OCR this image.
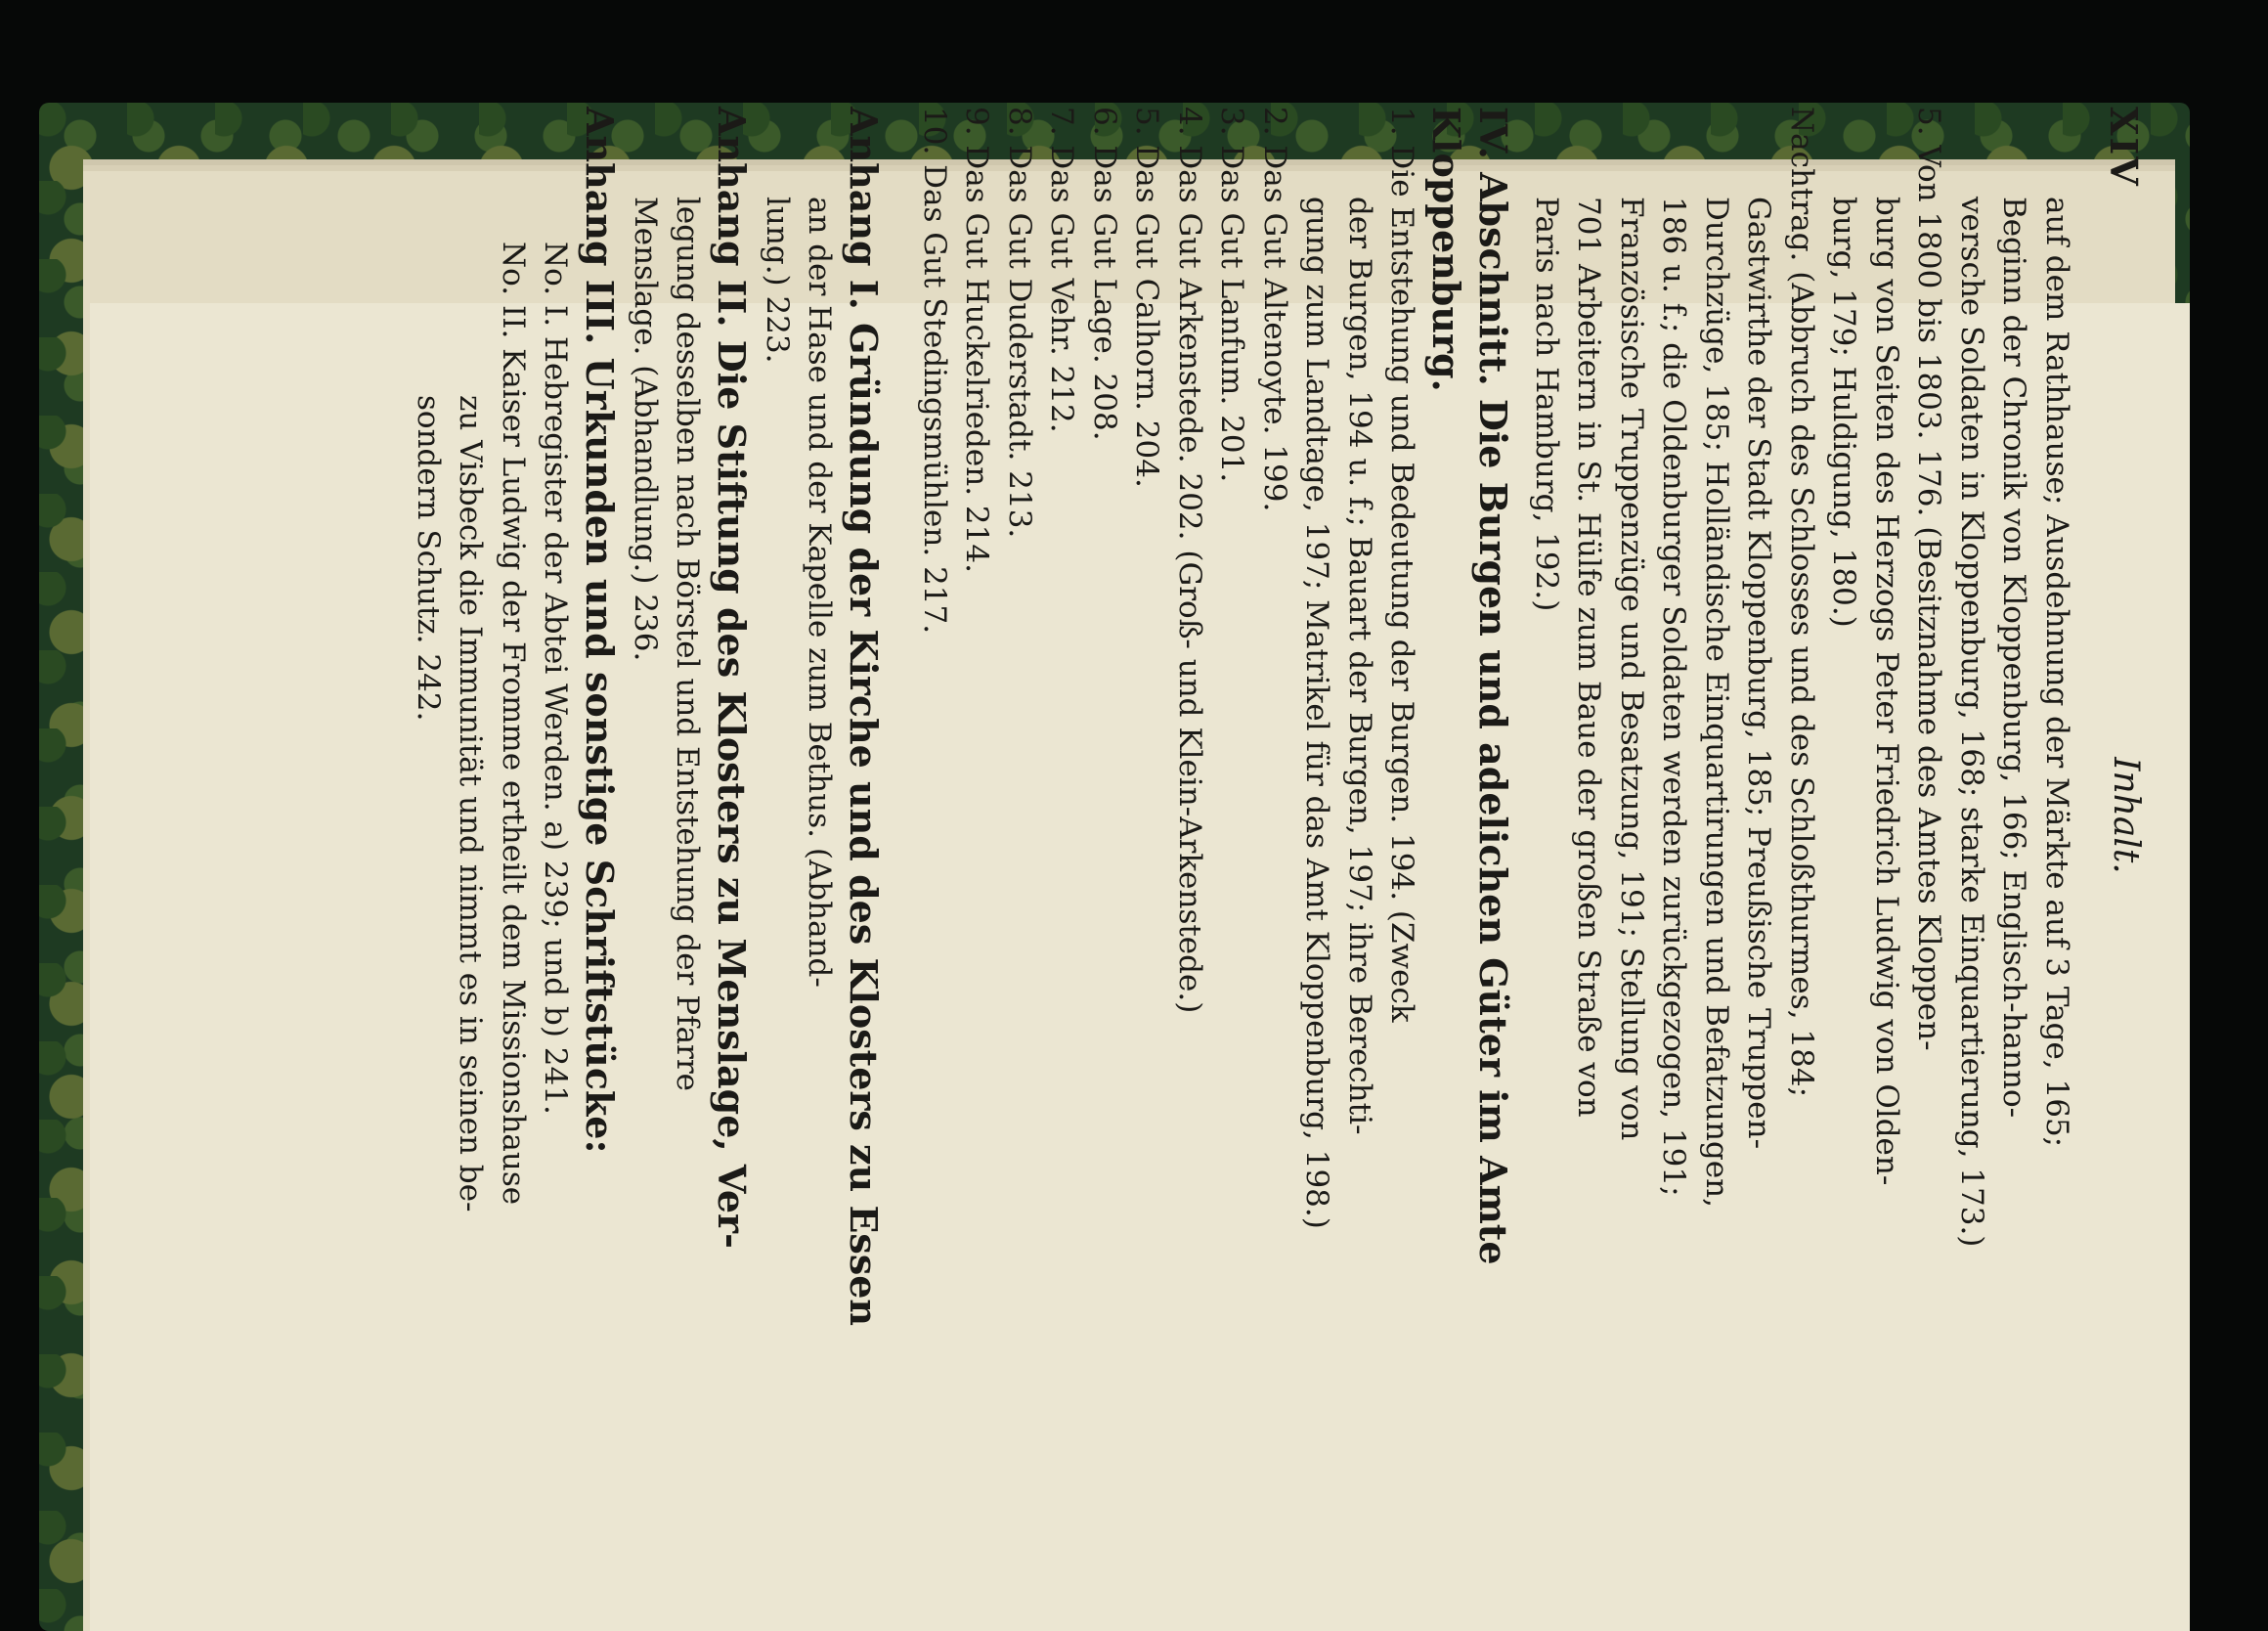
XIV
Inhalt.
auf dem Rathhause; Ausdehnung der Märkte auf 3 Tage, 165;
Beginn der Chronik von Kloppenburg, 166; Englisch-hanno-
versche Soldaten in Kloppenburg, 168; starke Einquartierung, 173.)
5. Von 1800 bis 1803. 176. (Besitznahme des Amtes Kloppen-
burg von Seiten des Herzogs Peter Friedrich Ludwig von Olden-
burg, 179; Huldigung, 180.)
Nachtrag. (Abbruch des Schlosses und des Schloßthurmes, 184;
Gastwirthe der Stadt Kloppenburg, 185; Preußische Truppen-
Durchzüge, 185; Holländische Einquartirungen und Befatzungen,
186 u. f.; die Oldenburger Soldaten werden zurückgezogen, 191;
Französische Truppenzüge und Besatzung, 191; Stellung von
701 Arbeitern in St. Hülfe zum Baue der großen Straße von
Paris nach Hamburg, 192.)
IV. Abschnitt. Die Burgen und adelichen Güter im Amte
Kloppenburg.
1. Die Entstehung und Bedeutung der Burgen. 194. (Zweck
der Burgen, 194 u. f.; Bauart der Burgen, 197; ihre Berechti-
gung zum Landtage, 197; Matrikel für das Amt Kloppenburg, 198.)
2. Das Gut Altenoyte. 199.
3. Das Gut Lanfum. 201.
4. Das Gut Arkenstede. 202. (Groß- und Klein-Arkenstede.)
5. Das Gut Calhorn. 204.
6. Das Gut Lage. 208.
7. Das Gut Vehr. 212.
8. Das Gut Duderstadt. 213.
9. Das Gut Huckelrieden. 214.
10. Das Gut Stedingsmühlen. 217.
Anhang I. Gründung der Kirche und des Klosters zu Essen
an der Hase und der Kapelle zum Bethus. (Abhand-
lung.) 223.
Anhang II. Die Stiftung des Klosters zu Menslage, Ver-
legung desselben nach Börstel und Entstehung der Pfarre
Menslage. (Abhandlung.) 236.
Anhang III. Urkunden und sonstige Schriftstücke:
No. I. Hebregister der Abtei Werden. a) 239; und b) 241.
No. II. Kaiser Ludwig der Fromme ertheilt dem Missionshause
zu Visbeck die Immunität und nimmt es in seinen be-
sondern Schutz. 242.
